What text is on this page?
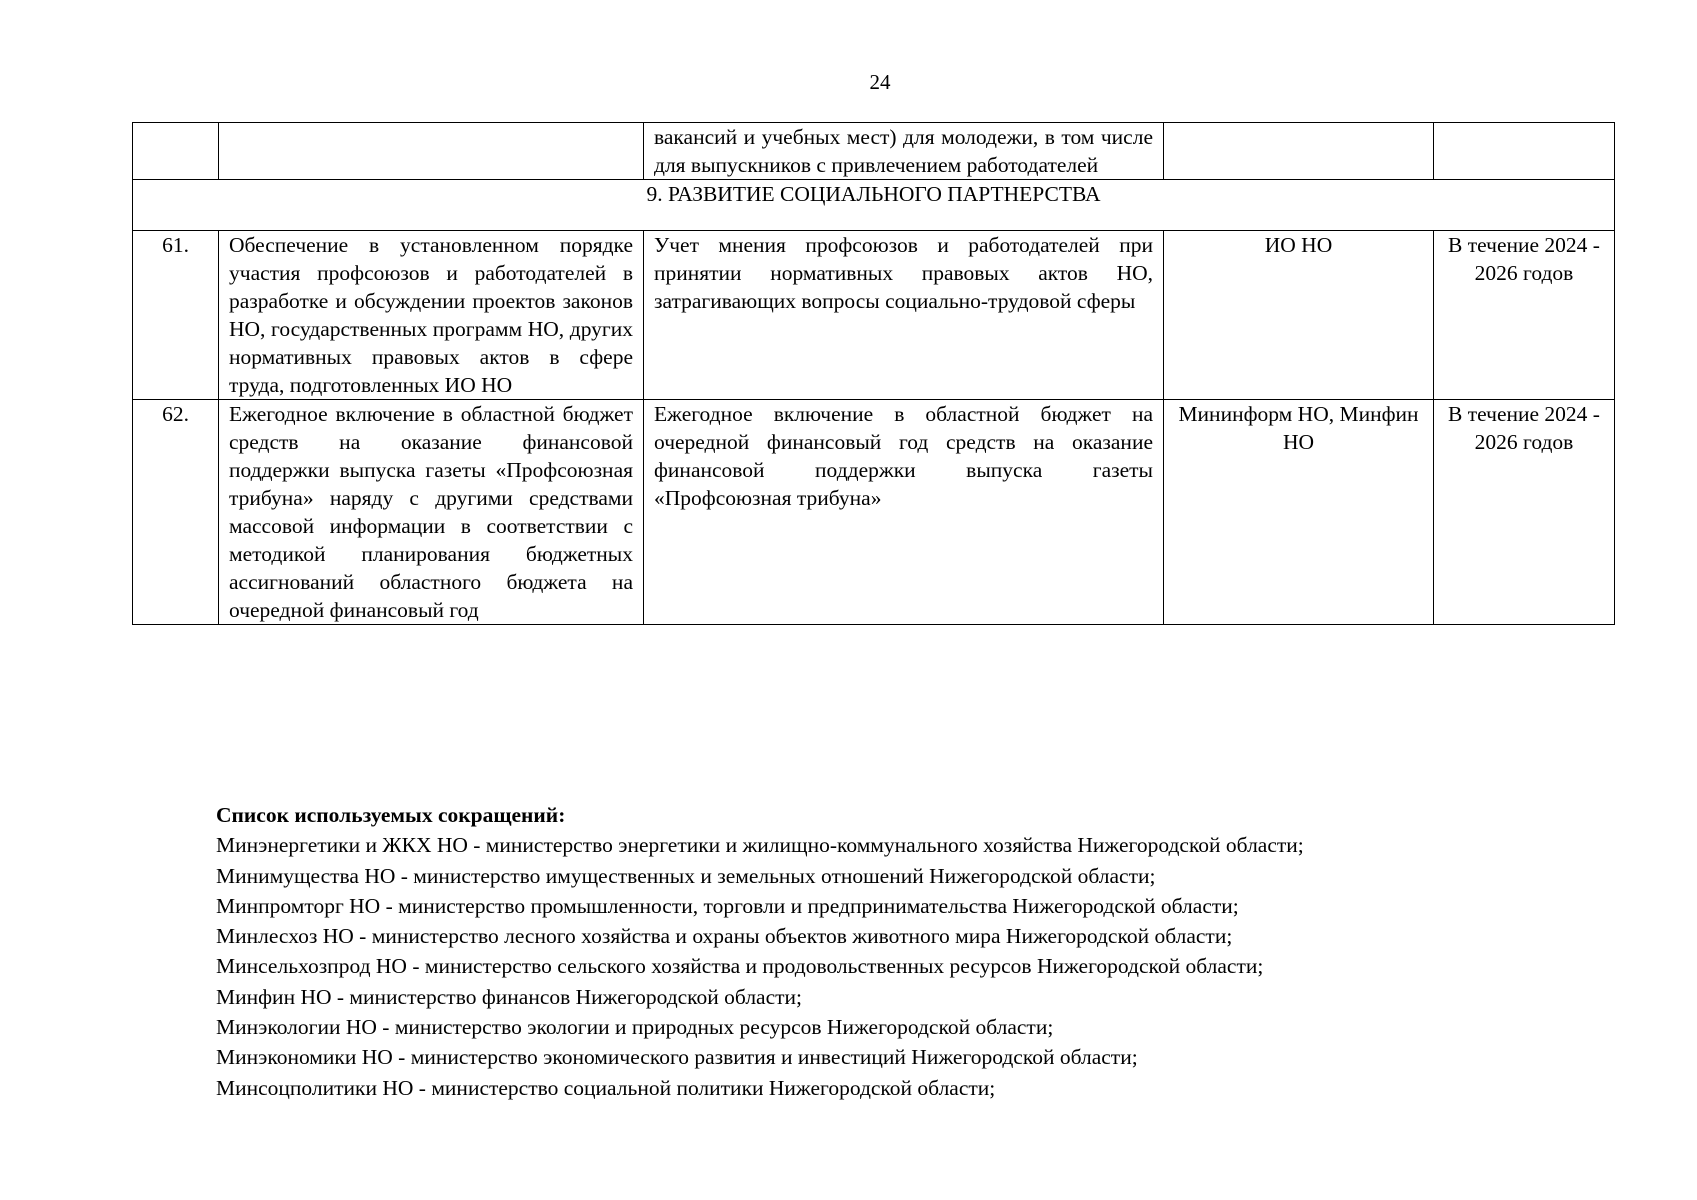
24
		вакансий и учебных мест) для молодежи, в том числе для выпускников с привлечением работодателей		
9. РАЗВИТИЕ СОЦИАЛЬНОГО ПАРТНЕРСТВА				
61.	Обеспечение в установленном порядке участия профсоюзов и работодателей в разработке и обсуждении проектов законов НО, государственных программ НО, других нормативных правовых актов в сфере труда, подготовленных ИО НО	Учет мнения профсоюзов и работодателей при принятии нормативных правовых актов НО, затрагивающих вопросы социально-трудовой сферы	ИО НО	В течение 2024 - 2026 годов
62.	Ежегодное включение в областной бюджет средств на оказание финансовой поддержки выпуска газеты «Профсоюзная трибуна» наряду с другими средствами массовой информации в соответствии с методикой планирования бюджетных ассигнований областного бюджета на очередной финансовый год	Ежегодное включение в областной бюджет на очередной финансовый год средств на оказание финансовой поддержки выпуска газеты «Профсоюзная трибуна»	Мининформ НО, Минфин НО	В течение 2024 - 2026 годов

Список используемых сокращений:

Минэнергетики и ЖКХ НО - министерство энергетики и жилищно-коммунального хозяйства Нижегородской области;

Минимущества НО - министерство имущественных и земельных отношений Нижегородской области;

Минпромторг НО - министерство промышленности, торговли и предпринимательства Нижегородской области;

Минлесхоз НО - министерство лесного хозяйства и охраны объектов животного мира Нижегородской области;

Минсельхозпрод НО - министерство сельского хозяйства и продовольственных ресурсов Нижегородской области;

Минфин НО - министерство финансов Нижегородской области;

Минэкологии НО - министерство экологии и природных ресурсов Нижегородской области;

Минэкономики НО - министерство экономического развития и инвестиций Нижегородской области;

Минсоцполитики НО - министерство социальной политики Нижегородской области;
